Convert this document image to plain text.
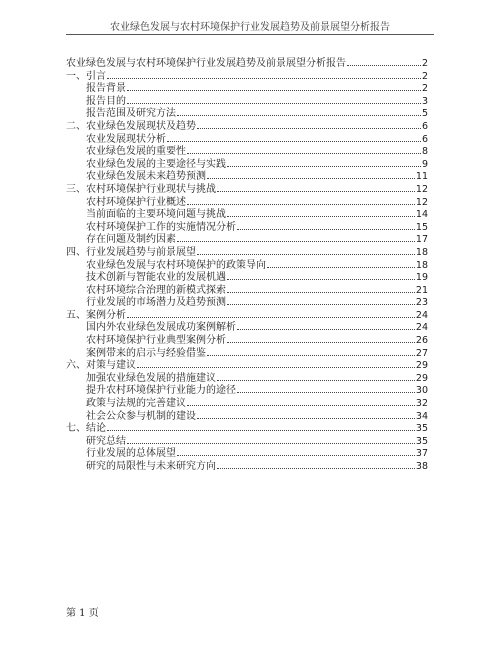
农业绿色发展与农村环境保护行业发展趋势及前景展望分析报告
农业绿色发展与农村环境保护行业发展趋势及前景展望分析报告	2
一、引言	2
报告背景	2
报告目的	3
报告范围及研究方法	5
二、农业绿色发展现状及趋势	6
农业发展现状分析	6
农业绿色发展的重要性	8
农业绿色发展的主要途径与实践	9
农业绿色发展未来趋势预测	11
三、农村环境保护行业现状与挑战	12
农村环境保护行业概述	12
当前面临的主要环境问题与挑战	14
农村环境保护工作的实施情况分析	15
存在问题及制约因素	17
四、行业发展趋势与前景展望	18
农业绿色发展与农村环境保护的政策导向	18
技术创新与智能农业的发展机遇	19
农村环境综合治理的新模式探索	21
行业发展的市场潜力及趋势预测	23
五、案例分析	24
国内外农业绿色发展成功案例解析	24
农村环境保护行业典型案例分析	26
案例带来的启示与经验借鉴	27
六、对策与建议	29
加强农业绿色发展的措施建议	29
提升农村环境保护行业能力的途径	30
政策与法规的完善建议	32
社会公众参与机制的建设	34
七、结论	35
研究总结	35
行业发展的总体展望	37
研究的局限性与未来研究方向	38
第 1 页
